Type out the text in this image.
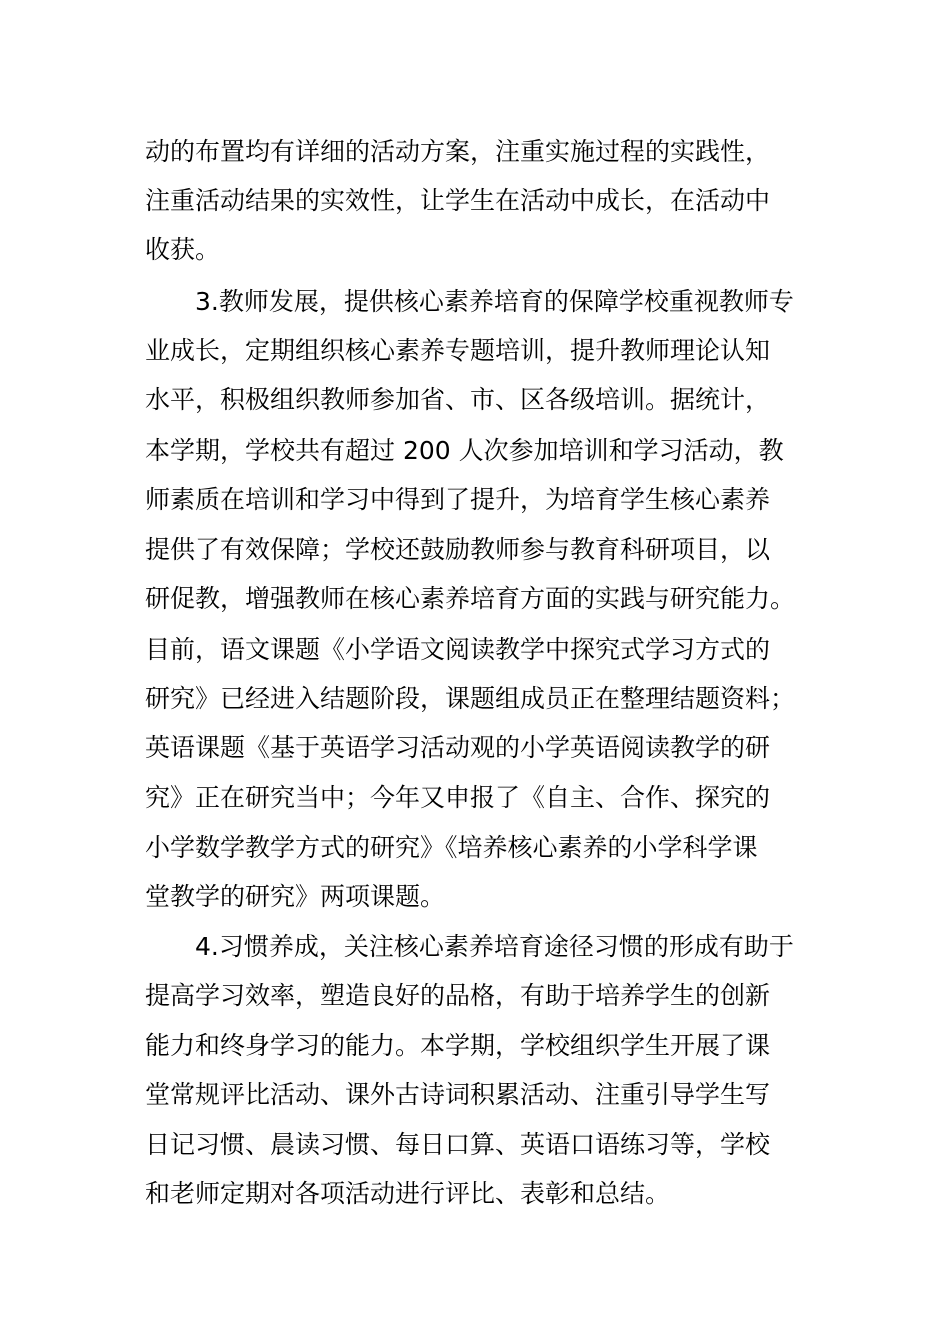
动的布置均有详细的活动方案，注重实施过程的实践性，
注重活动结果的实效性，让学生在活动中成长，在活动中
收获。
　　3.教师发展，提供核心素养培育的保障学校重视教师专
业成长，定期组织核心素养专题培训，提升教师理论认知
水平，积极组织教师参加省、市、区各级培训。据统计，
本学期，学校共有超过 200 人次参加培训和学习活动，教
师素质在培训和学习中得到了提升，为培育学生核心素养
提供了有效保障；学校还鼓励教师参与教育科研项目，以
研促教，增强教师在核心素养培育方面的实践与研究能力。
目前，语文课题《小学语文阅读教学中探究式学习方式的
研究》已经进入结题阶段，课题组成员正在整理结题资料；
英语课题《基于英语学习活动观的小学英语阅读教学的研
究》正在研究当中；今年又申报了《自主、合作、探究的
小学数学教学方式的研究》《培养核心素养的小学科学课
堂教学的研究》两项课题。
　　4.习惯养成，关注核心素养培育途径习惯的形成有助于
提高学习效率，塑造良好的品格，有助于培养学生的创新
能力和终身学习的能力。本学期，学校组织学生开展了课
堂常规评比活动、课外古诗词积累活动、注重引导学生写
日记习惯、晨读习惯、每日口算、英语口语练习等，学校
和老师定期对各项活动进行评比、表彰和总结。
